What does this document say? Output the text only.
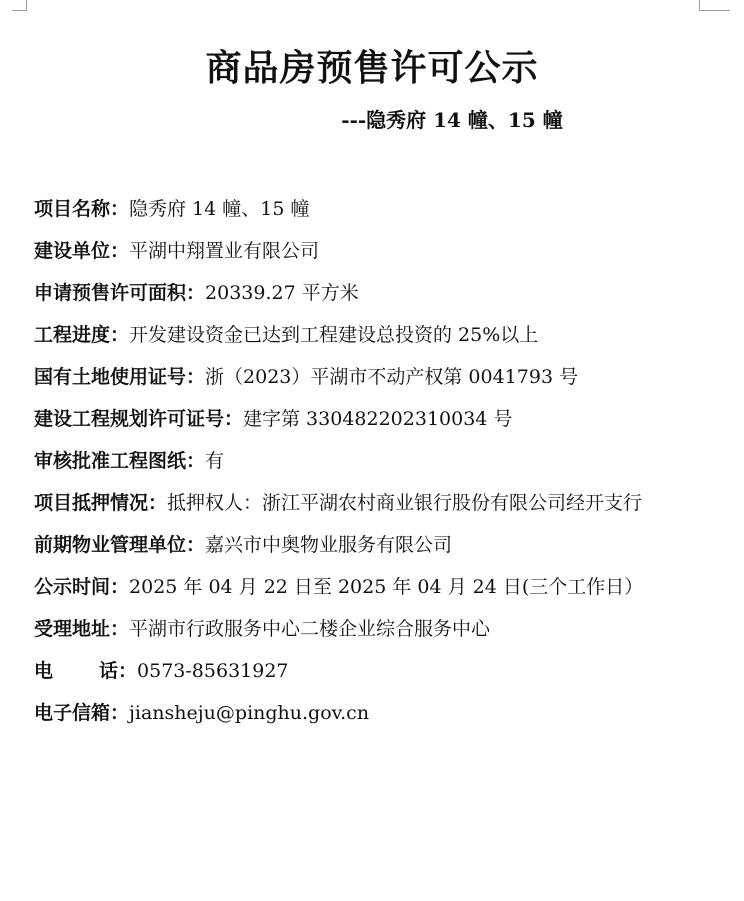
商品房预售许可公示

---隐秀府 14 幢、15 幢

项目名称：隐秀府 14 幢、15 幢
建设单位：平湖中翔置业有限公司
申请预售许可面积：20339.27 平方米
工程进度：开发建设资金已达到工程建设总投资的 25%以上
国有土地使用证号：浙（2023）平湖市不动产权第 0041793 号
建设工程规划许可证号：建字第 330482202310034 号
审核批准工程图纸：有
项目抵押情况：抵押权人：浙江平湖农村商业银行股份有限公司经开支行
前期物业管理单位：嘉兴市中奥物业服务有限公司
公示时间：2025 年 04 月 22 日至 2025 年 04 月 24 日(三个工作日）
受理地址：平湖市行政服务中心二楼企业综合服务中心
电 话：0573-85631927
电子信箱：jiansheju@pinghu.gov.cn
